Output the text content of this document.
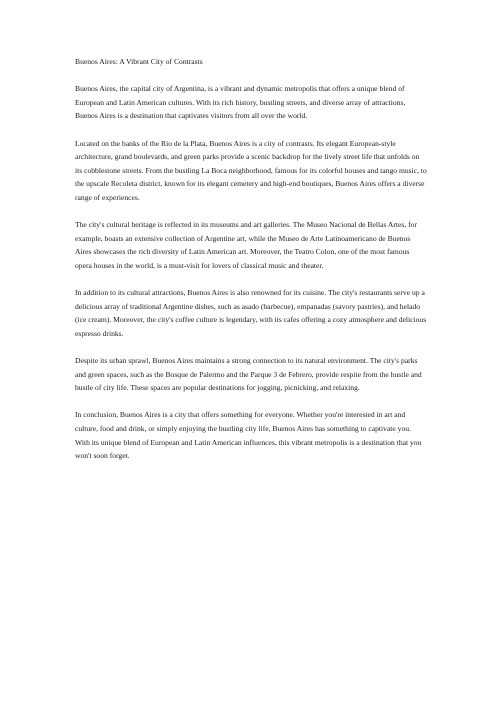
Buenos Aires: A Vibrant City of Contrasts

Buenos Aires, the capital city of Argentina, is a vibrant and dynamic metropolis that offers a unique blend of European and Latin American cultures. With its rich history, bustling streets, and diverse array of attractions, Buenos Aires is a destination that captivates visitors from all over the world.

Located on the banks of the Rio de la Plata, Buenos Aires is a city of contrasts. Its elegant European-style architecture, grand boulevards, and green parks provide a scenic backdrop for the lively street life that unfolds on its cobblestone streets. From the bustling La Boca neighborhood, famous for its colorful houses and tango music, to the upscale Recoleta district, known for its elegant cemetery and high-end boutiques, Buenos Aires offers a diverse range of experiences.

The city's cultural heritage is reflected in its museums and art galleries. The Museo Nacional de Bellas Artes, for example, boasts an extensive collection of Argentine art, while the Museo de Arte Latinoamericano de Buenos Aires showcases the rich diversity of Latin American art. Moreover, the Teatro Colon, one of the most famous opera houses in the world, is a must-visit for lovers of classical music and theater.

In addition to its cultural attractions, Buenos Aires is also renowned for its cuisine. The city's restaurants serve up a delicious array of traditional Argentine dishes, such as asado (barbecue), empanadas (savory pastries), and helado (ice cream). Moreover, the city's coffee culture is legendary, with its cafes offering a cozy atmosphere and delicious espresso drinks.

Despite its urban sprawl, Buenos Aires maintains a strong connection to its natural environment. The city's parks and green spaces, such as the Bosque de Palermo and the Parque 3 de Febrero, provide respite from the hustle and bustle of city life. These spaces are popular destinations for jogging, picnicking, and relaxing.

In conclusion, Buenos Aires is a city that offers something for everyone. Whether you're interested in art and culture, food and drink, or simply enjoying the bustling city life, Buenos Aires has something to captivate you. With its unique blend of European and Latin American influences, this vibrant metropolis is a destination that you won't soon forget.
